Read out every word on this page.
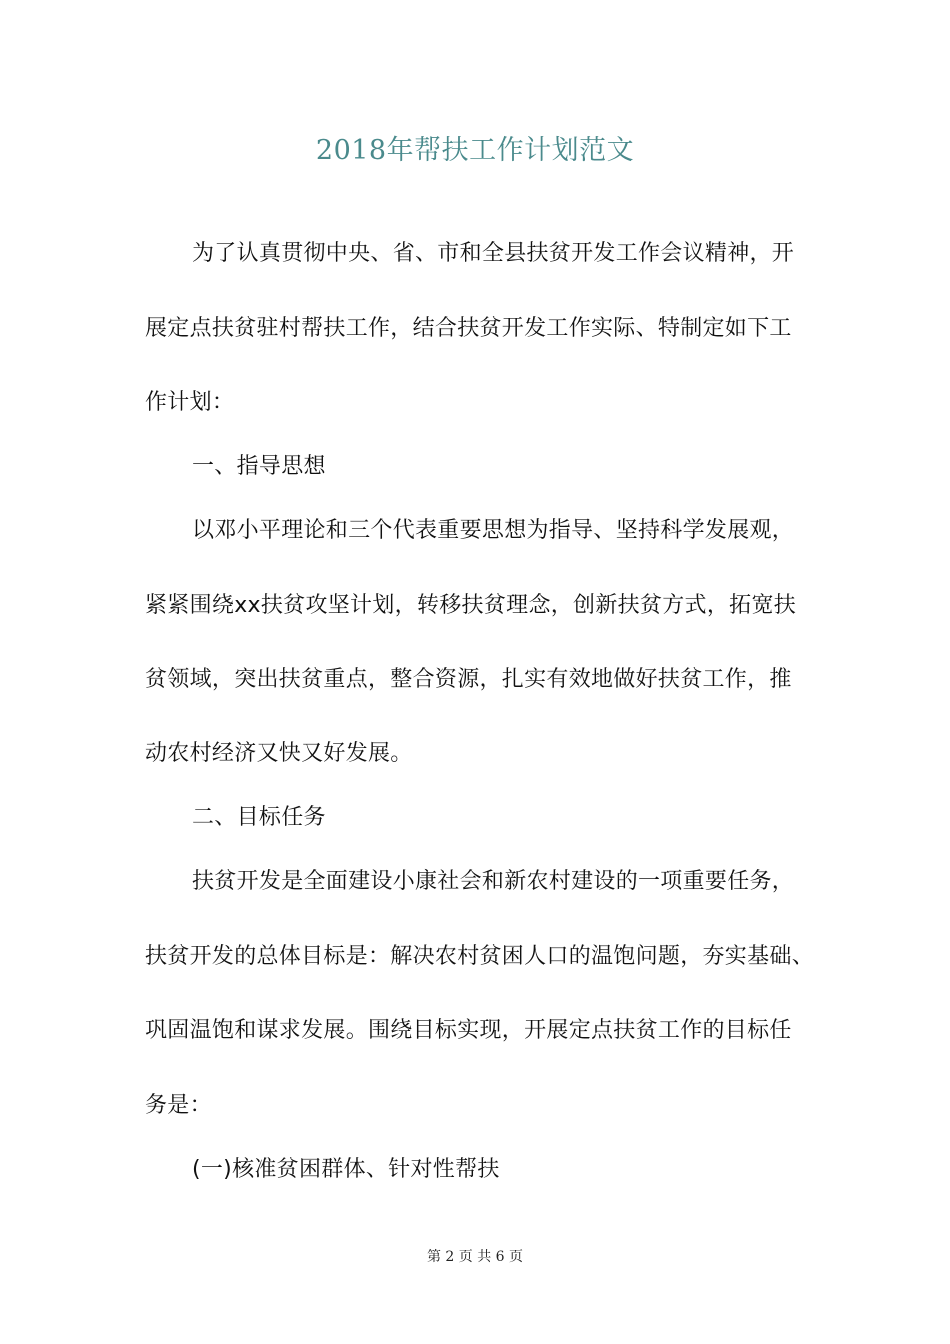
2018年帮扶工作计划范文
为了认真贯彻中央、省、市和全县扶贫开发工作会议精神，开
展定点扶贫驻村帮扶工作，结合扶贫开发工作实际、特制定如下工
作计划：
一、指导思想
以邓小平理论和三个代表重要思想为指导、坚持科学发展观，
紧紧围绕xx扶贫攻坚计划，转移扶贫理念，创新扶贫方式，拓宽扶
贫领域，突出扶贫重点，整合资源，扎实有效地做好扶贫工作，推
动农村经济又快又好发展。
二、目标任务
扶贫开发是全面建设小康社会和新农村建设的一项重要任务，
扶贫开发的总体目标是：解决农村贫困人口的温饱问题，夯实基础、
巩固温饱和谋求发展。围绕目标实现，开展定点扶贫工作的目标任
务是：
(一)核准贫困群体、针对性帮扶
第 2 页 共 6 页
